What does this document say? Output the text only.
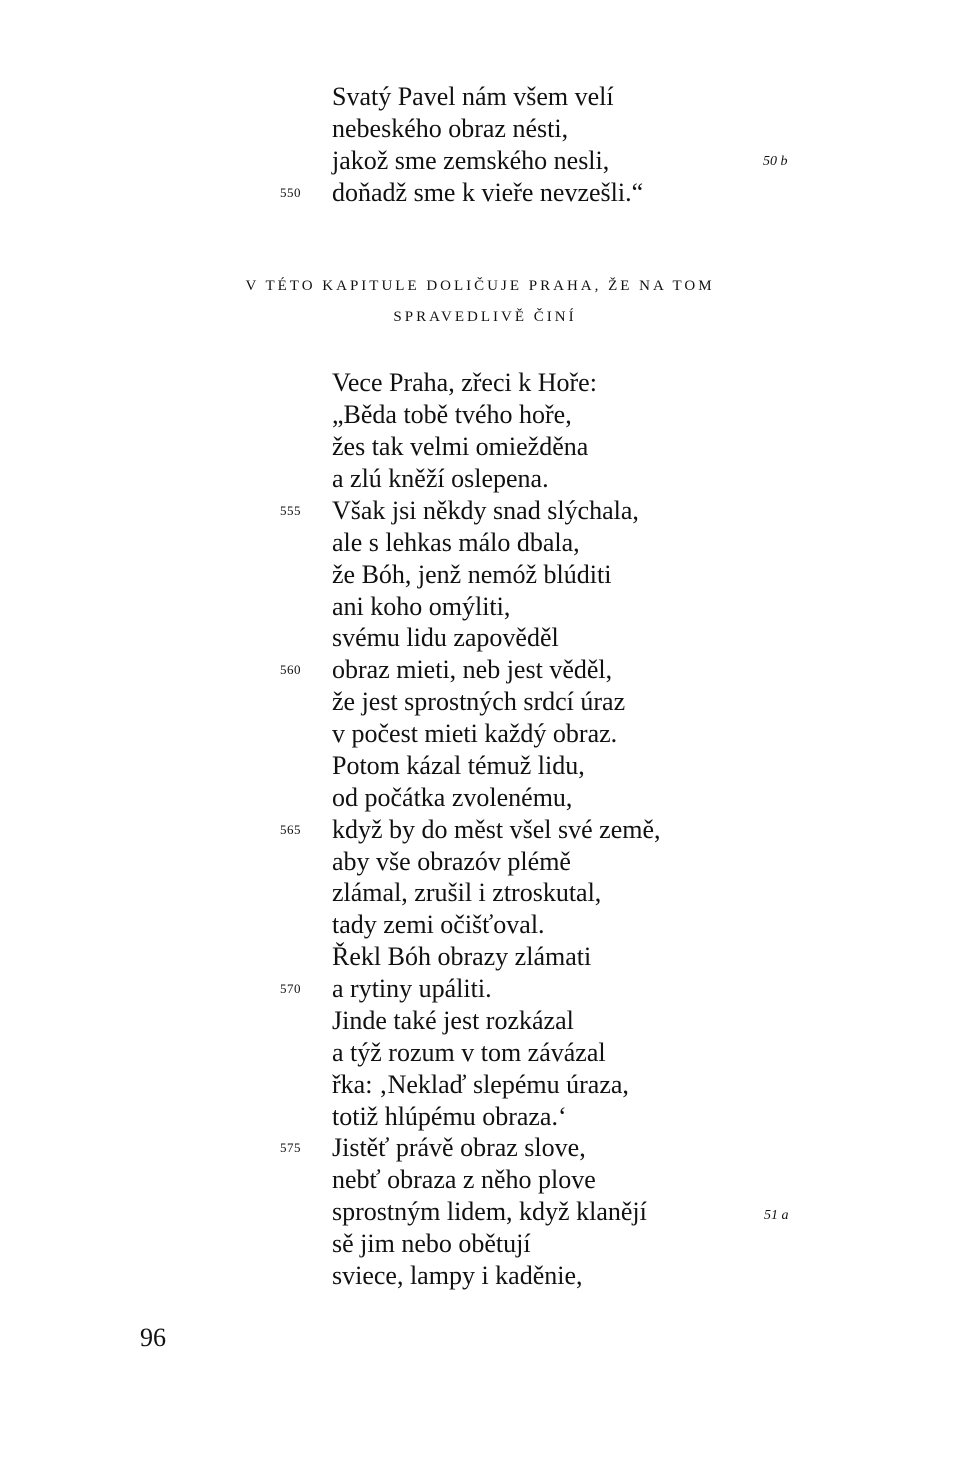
Svatý Pavel nám všem velí
nebeského obraz nésti,
jakož sme zemského nesli,
550	doňadž sme k vieře nevzešli.“
50 b
V TÉTO KAPITULE DOLIČUJE PRAHA, ŽE NA TOM
SPRAVEDLIVĚ ČINÍ
Vece Praha, zřeci k Hoře:
„Běda tobě tvého hoře,
žes tak velmi omiežděna
a zlú kněží oslepena.
555	Však jsi někdy snad slýchala,
ale s lehkas málo dbala,
že Bóh, jenž nemóž blúditi
ani koho omýliti,
svému lidu zapověděl
560	obraz mieti, neb jest věděl,
že jest sprostných srdcí úraz
v počest mieti každý obraz.
Potom kázal témuž lidu,
od počátka zvolenému,
565	když by do měst všel své země,
aby vše obrazóv plémě
zlámal, zrušil i ztroskutal,
tady zemi očišťoval.
Řekl Bóh obrazy zlámati
570	a rytiny upáliti.
Jinde také jest rozkázal
a týž rozum v tom závázal
řka: ‚Neklaď slepému úraza,
totiž hlúpému obraza.‘
575	Jistěť právě obraz slove,
nebť obraza z něho plove
sprostným lidem, když klanějí
sě jim nebo obětují
sviece, lampy i kaděnie,
51 a
96
